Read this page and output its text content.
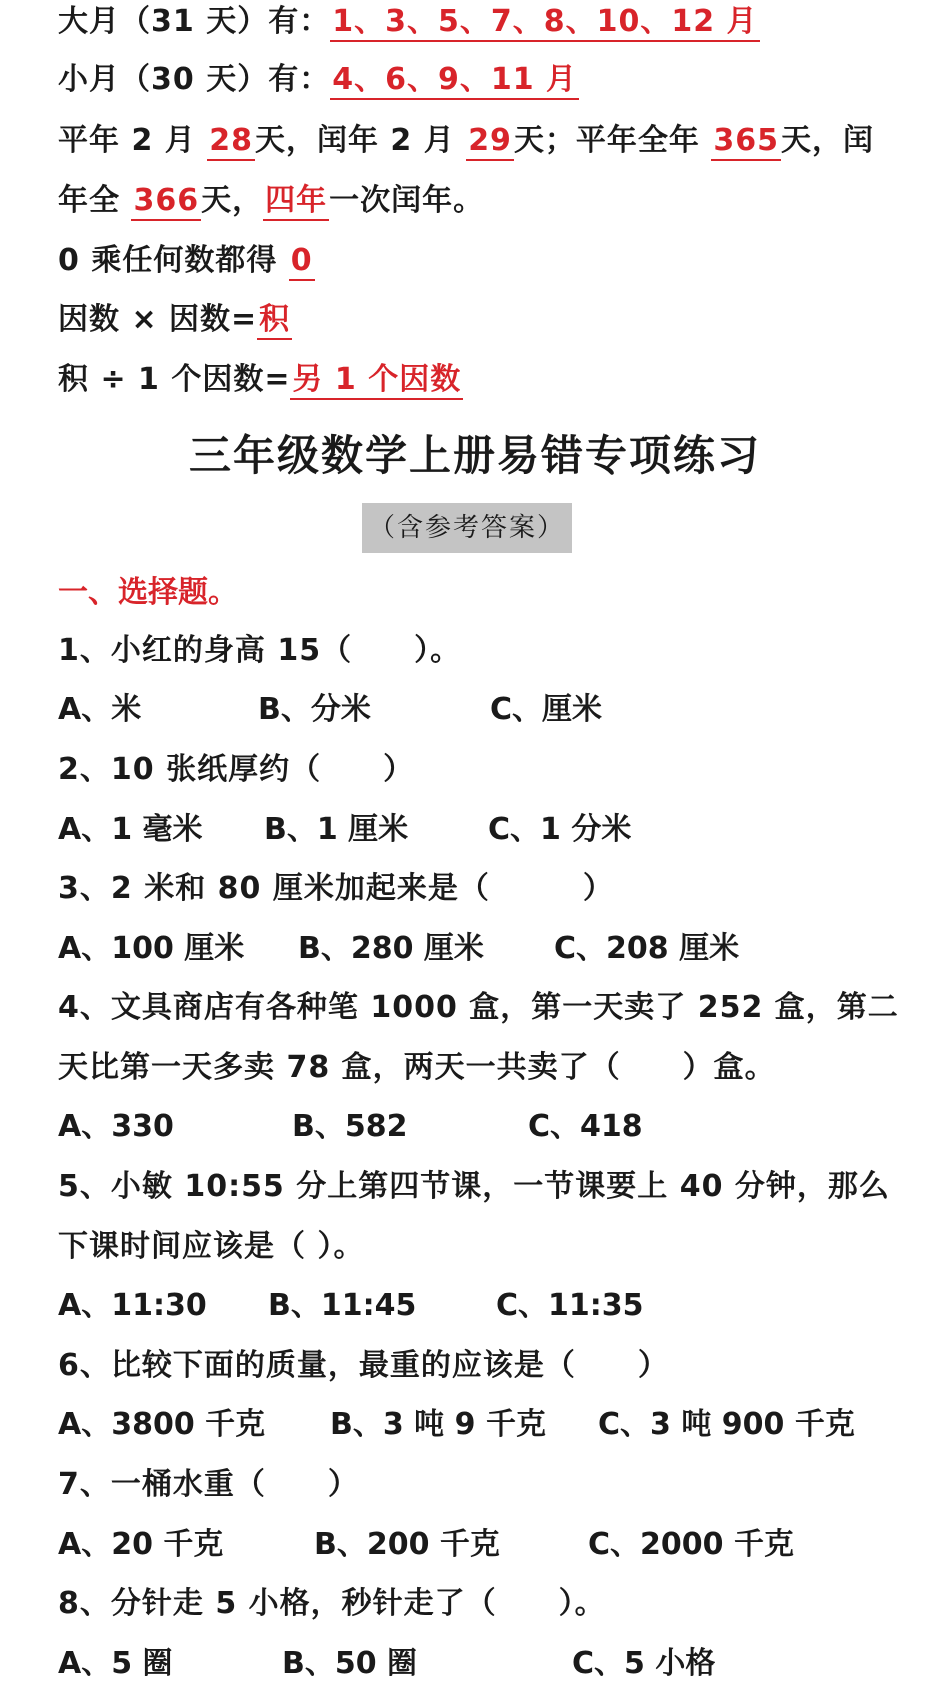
大月（31 天）有：1、3、5、7、8、10、12 月
小月（30 天）有：4、6、9、11 月
平年 2 月 28天，闰年 2 月 29天；平年全年 365天，闰
年全 366天，四年一次闰年。
0 乘任何数都得 0
因数 × 因数=积
积 ÷ 1 个因数=另 1 个因数
三年级数学上册易错专项练习
（含参考答案）
一、选择题。
1、小红的身高 15（　　）。
A、米	B、分米	C、厘米
2、10 张纸厚约（　　）
A、1 毫米 B、1 厘米	C、1 分米
3、2 米和 80 厘米加起来是（　　　）
A、100 厘米 B、280 厘米 C、208 厘米
4、文具商店有各种笔 1000 盒，第一天卖了 252 盒，第二
天比第一天多卖 78 盒，两天一共卖了（　　）盒。
A、330	B、582	C、418
5、小敏 10:55 分上第四节课，一节课要上 40 分钟，那么
下课时间应该是（ ）。
A、11:30 B、11:45	C、11:35
6、比较下面的质量，最重的应该是（　　）
A、3800 千克 B、3 吨 9 千克 C、3 吨 900 千克
7、一桶水重（　　）
A、20 千克	B、200 千克	C、2000 千克
8、分针走 5 小格，秒针走了（　　）。
A、5 圈	B、50 圈	C、5 小格
